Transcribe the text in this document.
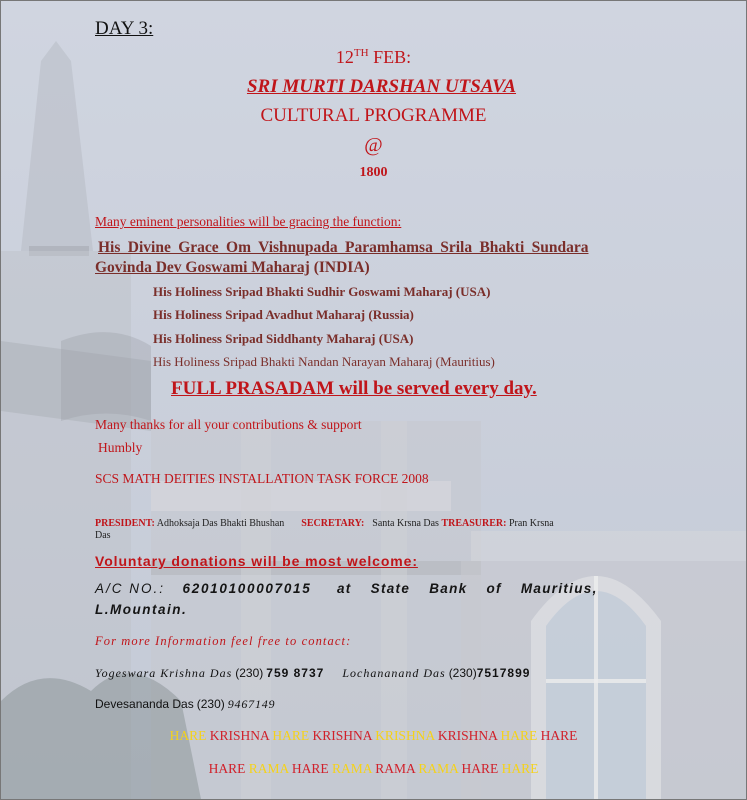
DAY 3:
12TH FEB:
SRI MURTI DARSHAN UTSAVA
CULTURAL PROGRAMME
@
1800
Many eminent personalities will be gracing the function:
His Divine Grace Om Vishnupada Paramhamsa Srila Bhakti Sundara
Govinda Dev Goswami Maharaj (INDIA)
His Holiness Sripad Bhakti Sudhir Goswami Maharaj (USA)
His Holiness Sripad Avadhut Maharaj (Russia)
His Holiness Sripad Siddhanty Maharaj (USA)
His Holiness Sripad Bhakti Nandan Narayan Maharaj (Mauritius)
FULL PRASADAM will be served every day.
Many thanks for all your contributions & support
Humbly
SCS MATH DEITIES INSTALLATION TASK FORCE 2008
PRESIDENT: Adhoksaja Das Bhakti Bhushan SECRETARY: Santa Krsna Das TREASURER: Pran Krsna
Das
Voluntary donations will be most welcome:
A/C NO.: 62010100007015 at State Bank of Mauritius,
L.Mountain.
For more Information feel free to contact:
Yogeswara Krishna Das (230) 759 8737 Lochananand Das (230)7517899
Devesananda Das (230) 9467149
HARE KRISHNA HARE KRISHNA KRISHNA KRISHNA HARE HARE
HARE RAMA HARE RAMA RAMA RAMA HARE HARE
